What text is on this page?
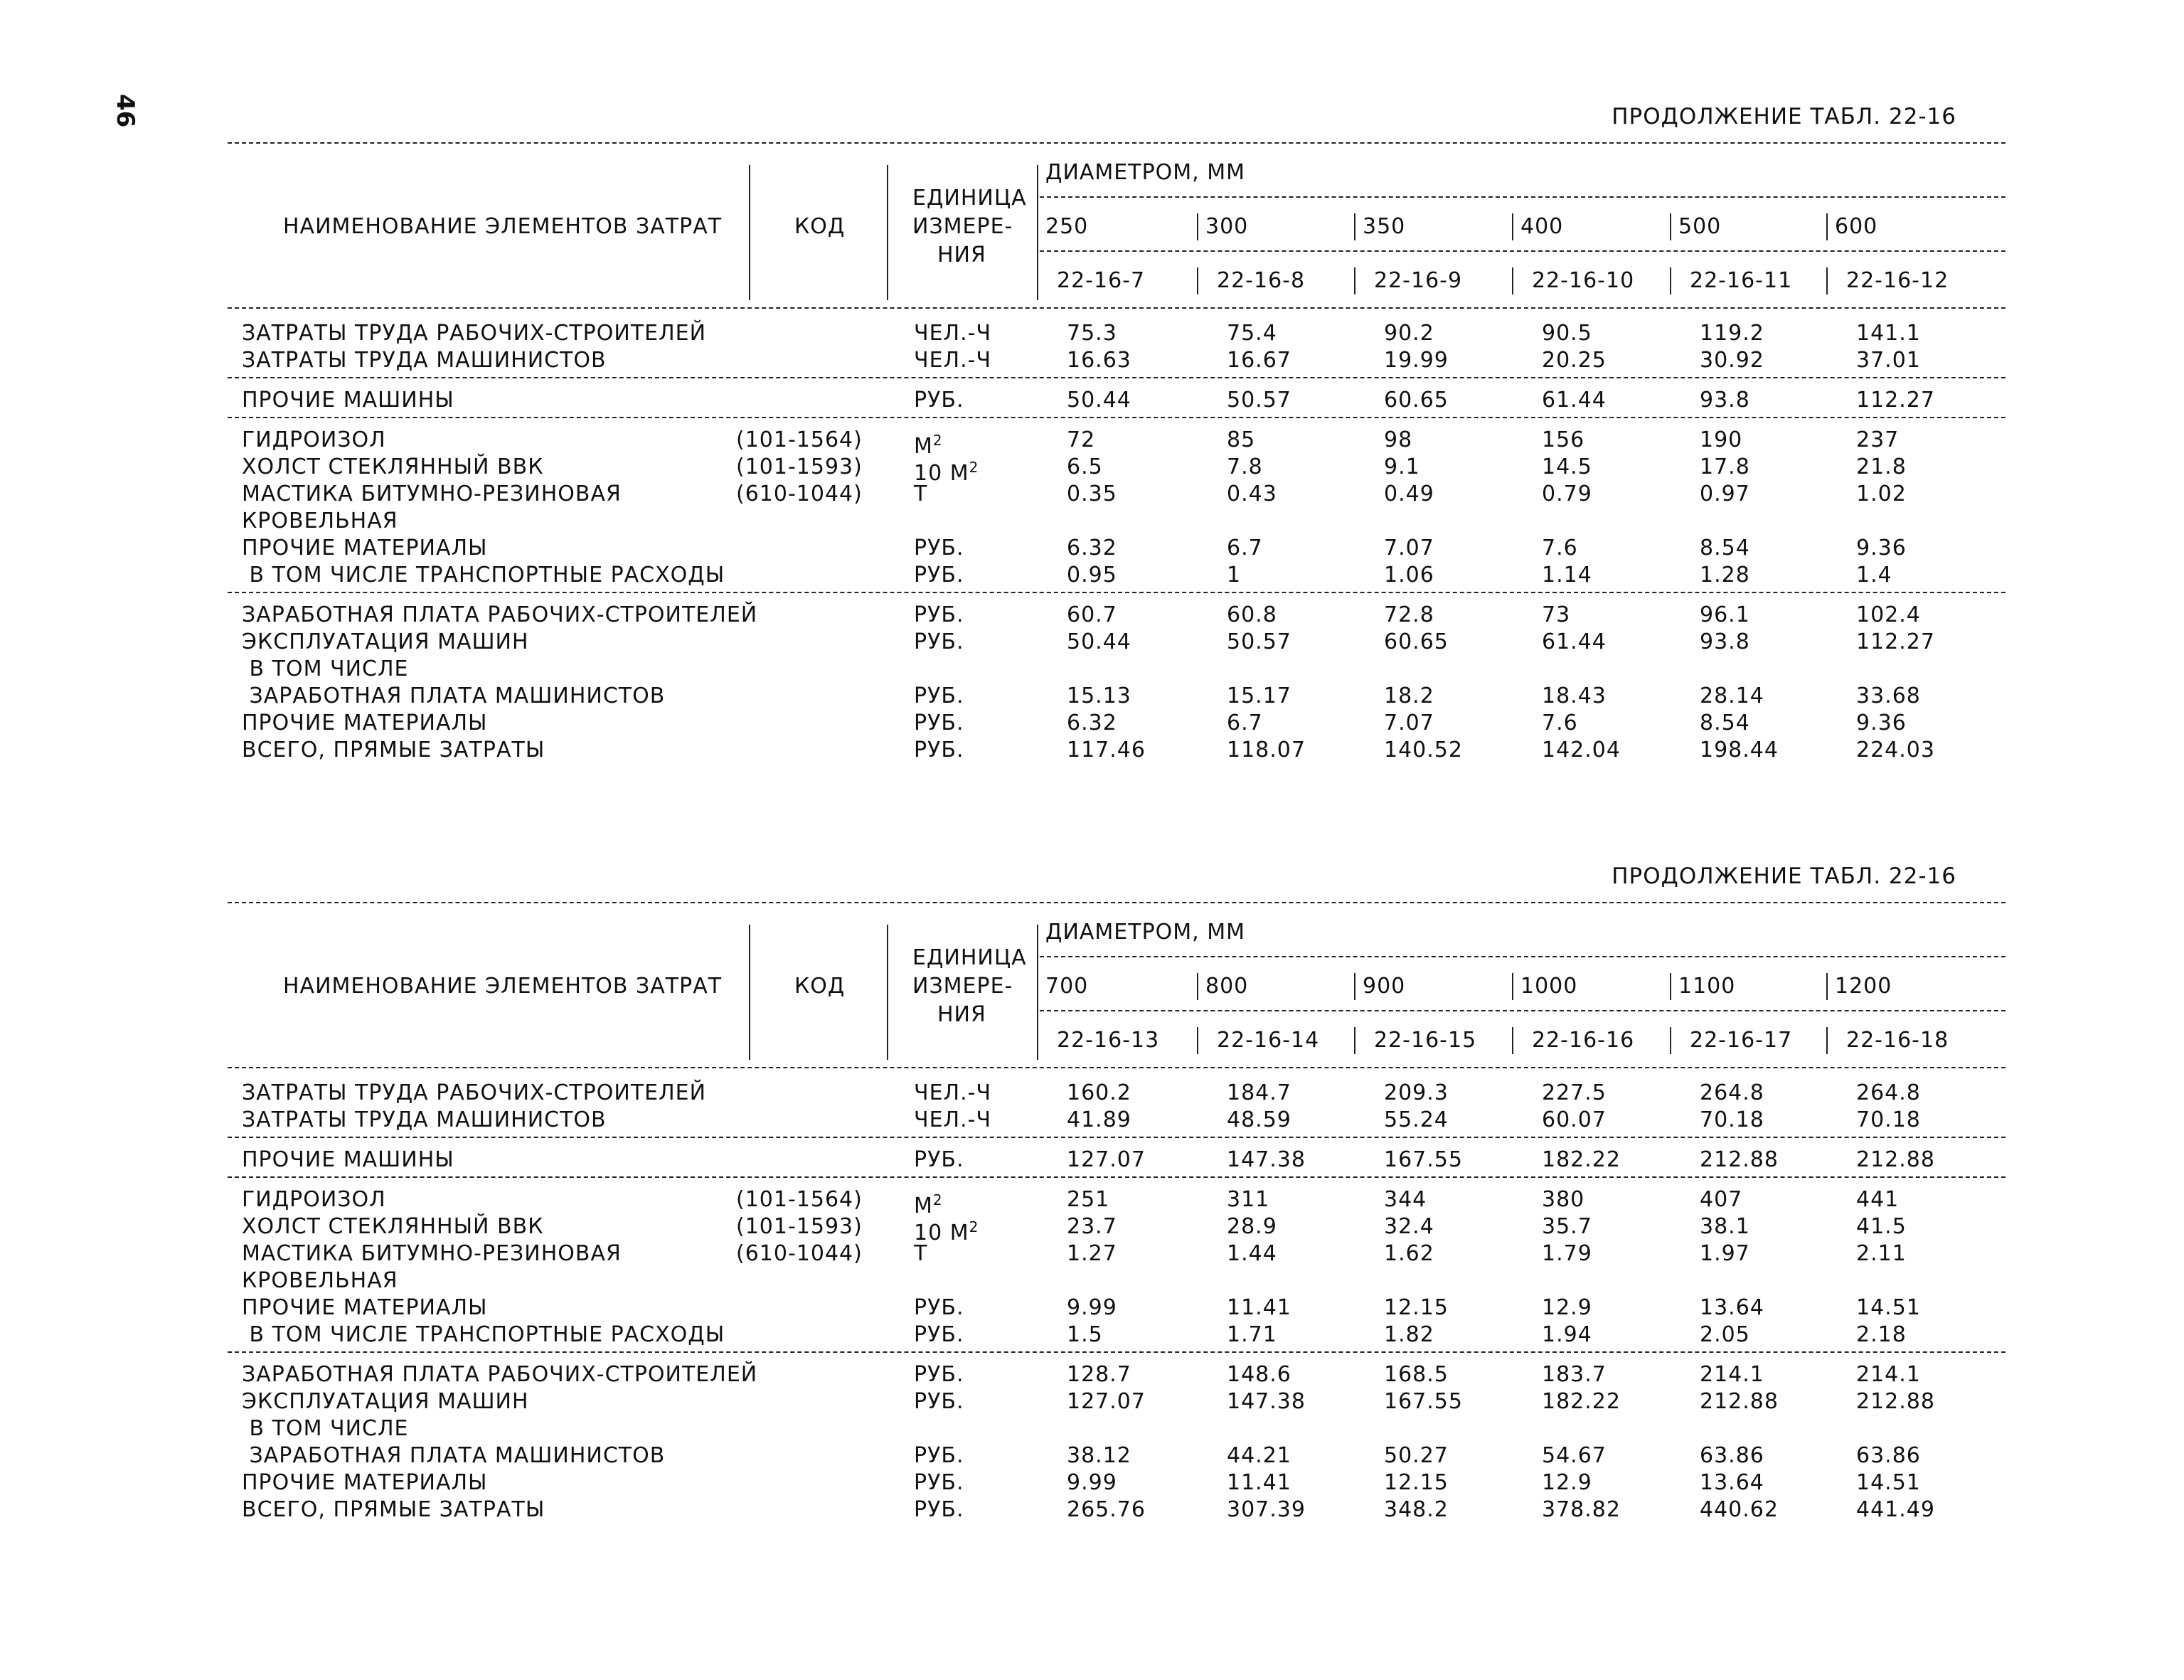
46	ПРОДОЛЖЕНИЕ ТАБЛ. 22-16
НАИМЕНОВАНИЕ ЭЛЕМЕНТОВ ЗАТРАТ	КОД
ЕДИНИЦА
ИЗМЕРЕ-
НИЯ
ДИАМЕТРОМ, ММ
250	300	350	400	500	600
22-16-7	22-16-8	22-16-9	22-16-10	22-16-11	22-16-12
ЗАТРАТЫ ТРУДА РАБОЧИХ-СТРОИТЕЛЕЙ	ЧЕЛ.-Ч	75.3	75.4	90.2	90.5	119.2	141.1
ЗАТРАТЫ ТРУДА МАШИНИСТОВ	ЧЕЛ.-Ч	16.63	16.67	19.99	20.25	30.92	37.01
ПРОЧИЕ МАШИНЫ	РУБ.	50.44	50.57	60.65	61.44	93.8	112.27
ГИДРОИЗОЛ	(101-1564) $М^2$	72	85	98	156	190	237
ХОЛСТ СТЕКЛЯННЫЙ ВВК	(101-1593) 10 $М^2$	6.5	7.8	9.1	14.5	17.8	21.8
МАСТИКА БИТУМНО-РЕЗИНОВАЯ	(610-1044) Т	0.35	0.43	0.49	0.79	0.97	1.02
КРОВЕЛЬНАЯ
ПРОЧИЕ МАТЕРИАЛЫ	РУБ.	6.32	6.7	7.07	7.6	8.54	9.36
В ТОМ ЧИСЛЕ ТРАНСПОРТНЫЕ РАСХОДЫ	РУБ.	0.95	1	1.06	1.14	1.28	1.4
ЗАРАБОТНАЯ ПЛАТА РАБОЧИХ-СТРОИТЕЛЕЙ	РУБ.	60.7	60.8	72.8	73	96.1	102.4
ЭКСПЛУАТАЦИЯ МАШИН	РУБ.	50.44	50.57	60.65	61.44	93.8	112.27
В ТОМ ЧИСЛЕ
ЗАРАБОТНАЯ ПЛАТА МАШИНИСТОВ	РУБ.	15.13	15.17	18.2	18.43	28.14	33.68
ПРОЧИЕ МАТЕРИАЛЫ	РУБ.	6.32	6.7	7.07	7.6	8.54	9.36
ВСЕГО, ПРЯМЫЕ ЗАТРАТЫ	РУБ.	117.46	118.07	140.52	142.04	198.44	224.03
ПРОДОЛЖЕНИЕ ТАБЛ. 22-16
НАИМЕНОВАНИЕ ЭЛЕМЕНТОВ ЗАТРАТ	КОД
ЕДИНИЦА
ИЗМЕРЕ-
НИЯ
ДИАМЕТРОМ, ММ
700	800	900	1000	1100	1200
22-16-13	22-16-14	22-16-15	22-16-16	22-16-17	22-16-18
ЗАТРАТЫ ТРУДА РАБОЧИХ-СТРОИТЕЛЕЙ	ЧЕЛ.-Ч	160.2	184.7	209.3	227.5	264.8	264.8
ЗАТРАТЫ ТРУДА МАШИНИСТОВ	ЧЕЛ.-Ч	41.89	48.59	55.24	60.07	70.18	70.18
ПРОЧИЕ МАШИНЫ	РУБ.	127.07	147.38	167.55	182.22	212.88	212.88
ГИДРОИЗОЛ	(101-1564) $М^2$	251	311	344	380	407	441
ХОЛСТ СТЕКЛЯННЫЙ ВВК	(101-1593) 10 $М^2$	23.7	28.9	32.4	35.7	38.1	41.5
МАСТИКА БИТУМНО-РЕЗИНОВАЯ	(610-1044) Т	1.27	1.44	1.62	1.79	1.97	2.11
КРОВЕЛЬНАЯ
ПРОЧИЕ МАТЕРИАЛЫ	РУБ.	9.99	11.41	12.15	12.9	13.64	14.51
В ТОМ ЧИСЛЕ ТРАНСПОРТНЫЕ РАСХОДЫ	РУБ.	1.5	1.71	1.82	1.94	2.05	2.18
ЗАРАБОТНАЯ ПЛАТА РАБОЧИХ-СТРОИТЕЛЕЙ	РУБ.	128.7	148.6	168.5	183.7	214.1	214.1
ЭКСПЛУАТАЦИЯ МАШИН	РУБ.	127.07	147.38	167.55	182.22	212.88	212.88
В ТОМ ЧИСЛЕ
ЗАРАБОТНАЯ ПЛАТА МАШИНИСТОВ	РУБ.	38.12	44.21	50.27	54.67	63.86	63.86
ПРОЧИЕ МАТЕРИАЛЫ	РУБ.	9.99	11.41	12.15	12.9	13.64	14.51
ВСЕГО, ПРЯМЫЕ ЗАТРАТЫ	РУБ.	265.76	307.39	348.2	378.82	440.62	441.49
